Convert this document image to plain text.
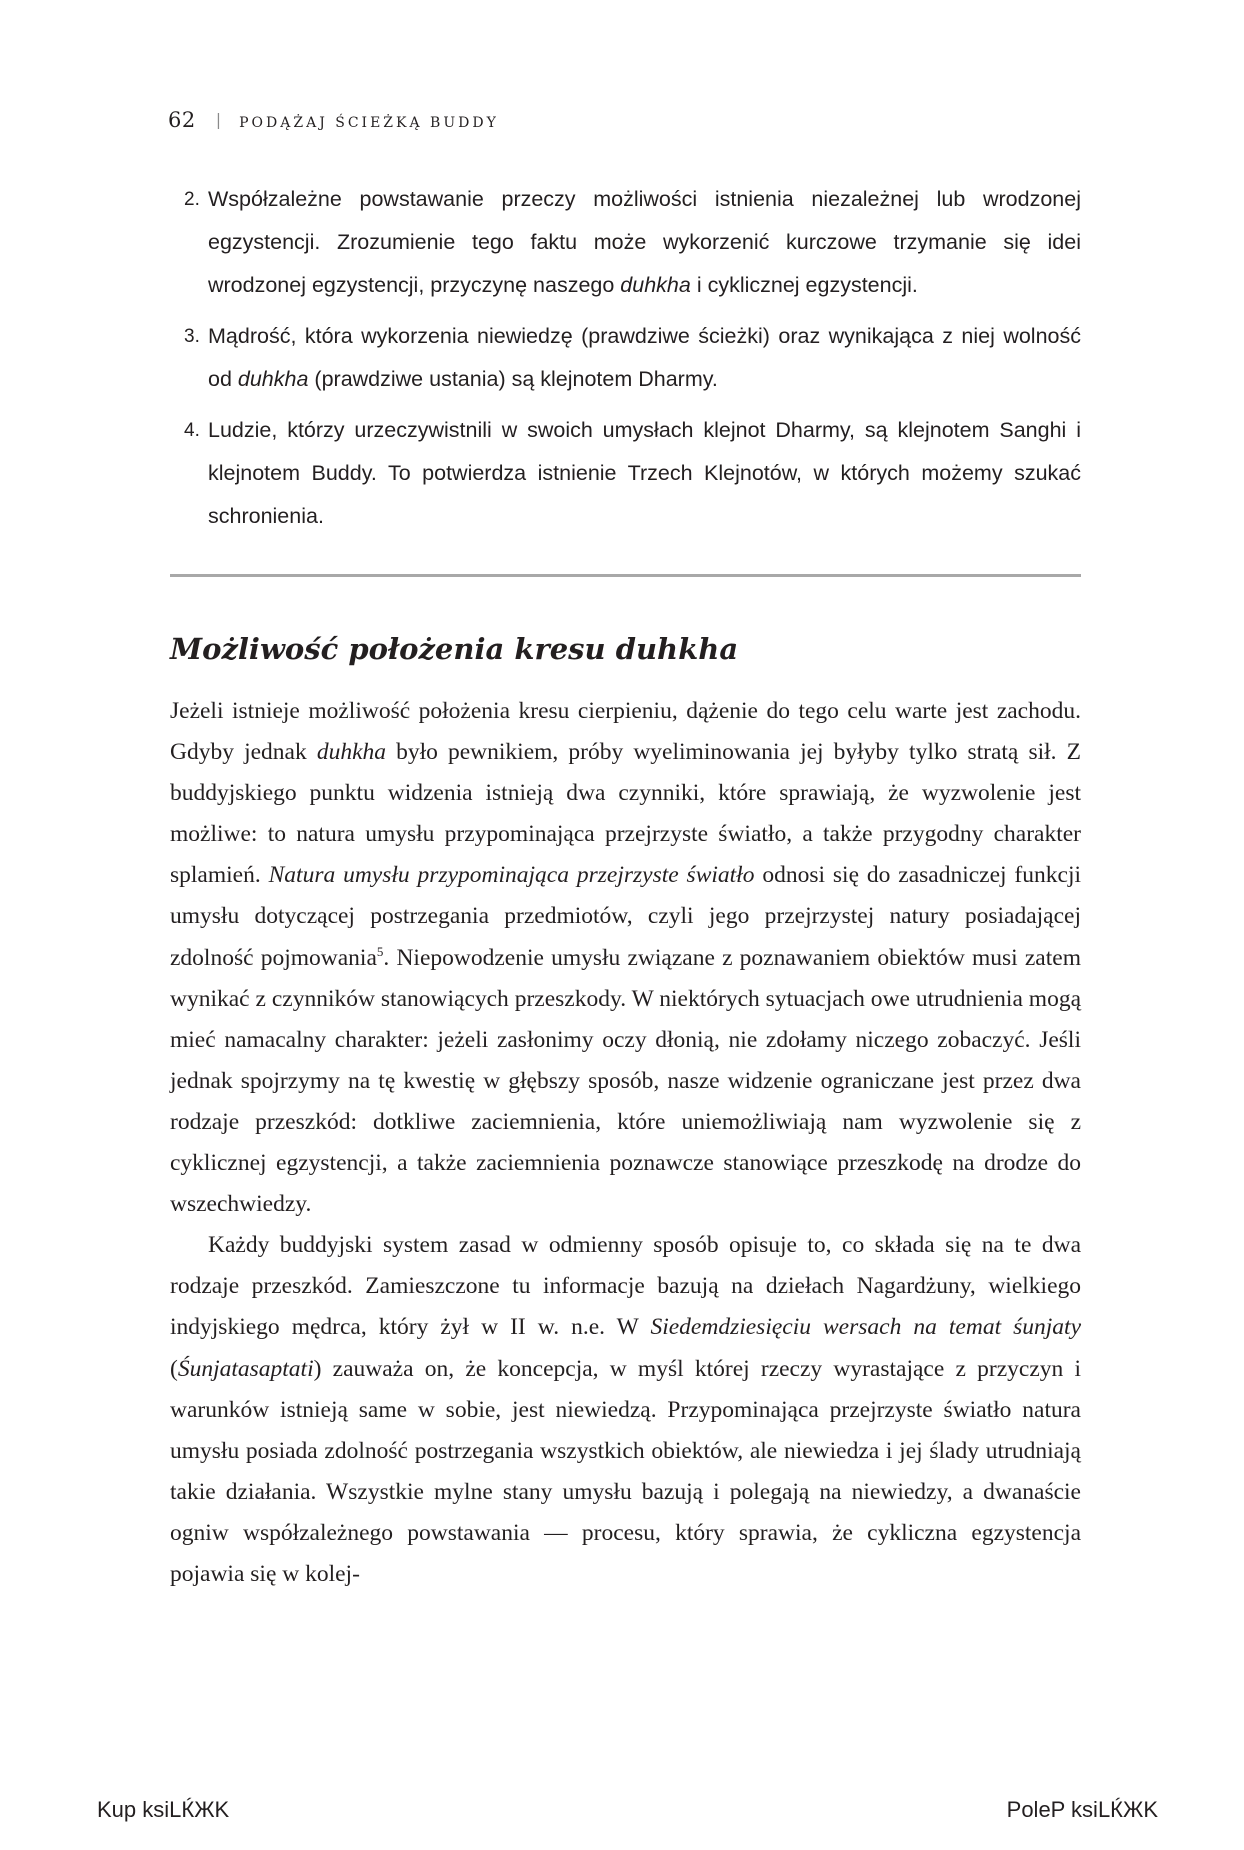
62 | PODĄŻAJ ŚCIEŻKĄ BUDDY
2. Współzależne powstawanie przeczy możliwości istnienia niezależnej lub wrodzonej egzystencji. Zrozumienie tego faktu może wykorzenić kurczowe trzymanie się idei wrodzonej egzystencji, przyczynę naszego duhkha i cyklicznej egzystencji.
3. Mądrość, która wykorzenia niewiedzę (prawdziwe ścieżki) oraz wynikająca z niej wolność od duhkha (prawdziwe ustania) są klejnotem Dharmy.
4. Ludzie, którzy urzeczywistnili w swoich umysłach klejnot Dharmy, są klejnotem Sanghi i klejnotem Buddy. To potwierdza istnienie Trzech Klejnotów, w których możemy szukać schronienia.
Możliwość położenia kresu duhkha

Jeżeli istnieje możliwość położenia kresu cierpieniu, dążenie do tego celu warte jest zachodu. Gdyby jednak duhkha było pewnikiem, próby wyeliminowania jej byłyby tylko stratą sił. Z buddyjskiego punktu widzenia istnieją dwa czynniki, które sprawiają, że wyzwolenie jest możliwe: to natura umysłu przypominająca przejrzyste światło, a także przygodny charakter splamień. Natura umysłu przypominająca przejrzyste światło odnosi się do zasadniczej funkcji umysłu dotyczącej postrzegania przedmiotów, czyli jego przejrzystej natury posiadającej zdolność pojmowania$^5$. Niepowodzenie umysłu związane z poznawaniem obiektów musi zatem wynikać z czynników stanowiących przeszkody. W niektórych sytuacjach owe utrudnienia mogą mieć namacalny charakter: jeżeli zasłonimy oczy dłonią, nie zdołamy niczego zobaczyć. Jeśli jednak spojrzymy na tę kwestię w głębszy sposób, nasze widzenie ograniczane jest przez dwa rodzaje przeszkód: dotkliwe zaciemnienia, które uniemożliwiają nam wyzwolenie się z cyklicznej egzystencji, a także zaciemnienia poznawcze stanowiące przeszkodę na drodze do wszechwiedzy.

Każdy buddyjski system zasad w odmienny sposób opisuje to, co składa się na te dwa rodzaje przeszkód. Zamieszczone tu informacje bazują na dziełach Nagardżuny, wielkiego indyjskiego mędrca, który żył w II w. n.e. W Siedemdziesięciu wersach na temat śunjaty (Śunjatasaptati) zauważa on, że koncepcja, w myśl której rzeczy wyrastające z przyczyn i warunków istnieją same w sobie, jest niewiedzą. Przypominająca przejrzyste światło natura umysłu posiada zdolność postrzegania wszystkich obiektów, ale niewiedza i jej ślady utrudniają takie działania. Wszystkie mylne stany umysłu bazują i polegają na niewiedzy, a dwanaście ogniw współzależnego powstawania — procesu, który sprawia, że cykliczna egzystencja pojawia się w kolej-

Kup ksiLЌЖK	PoleP ksiLЌЖK
